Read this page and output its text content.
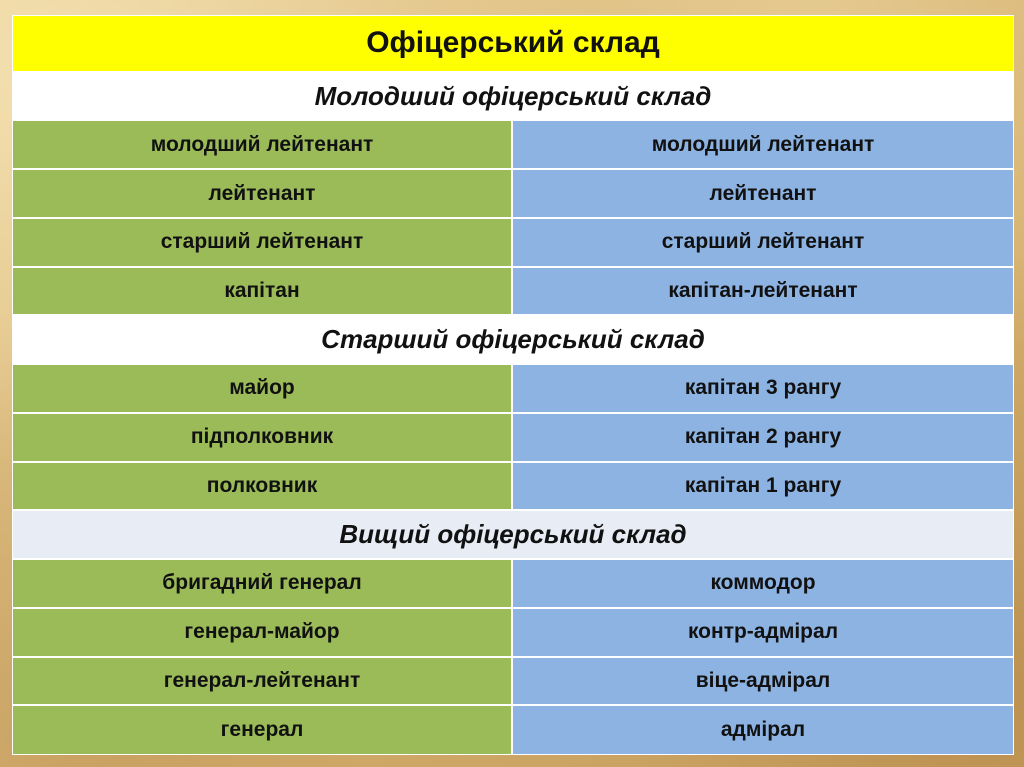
Офіцерський склад
Молодший офіцерський склад
молодший лейтенант	молодший лейтенант
лейтенант	лейтенант
старший лейтенант	старший лейтенант
капітан	капітан-лейтенант
Старший офіцерський склад
майор	капітан 3 рангу
підполковник	капітан 2 рангу
полковник	капітан 1 рангу
Вищий офіцерський склад
бригадний генерал	коммодор
генерал-майор	контр-адмірал
генерал-лейтенант	віце-адмірал
генерал	адмірал
